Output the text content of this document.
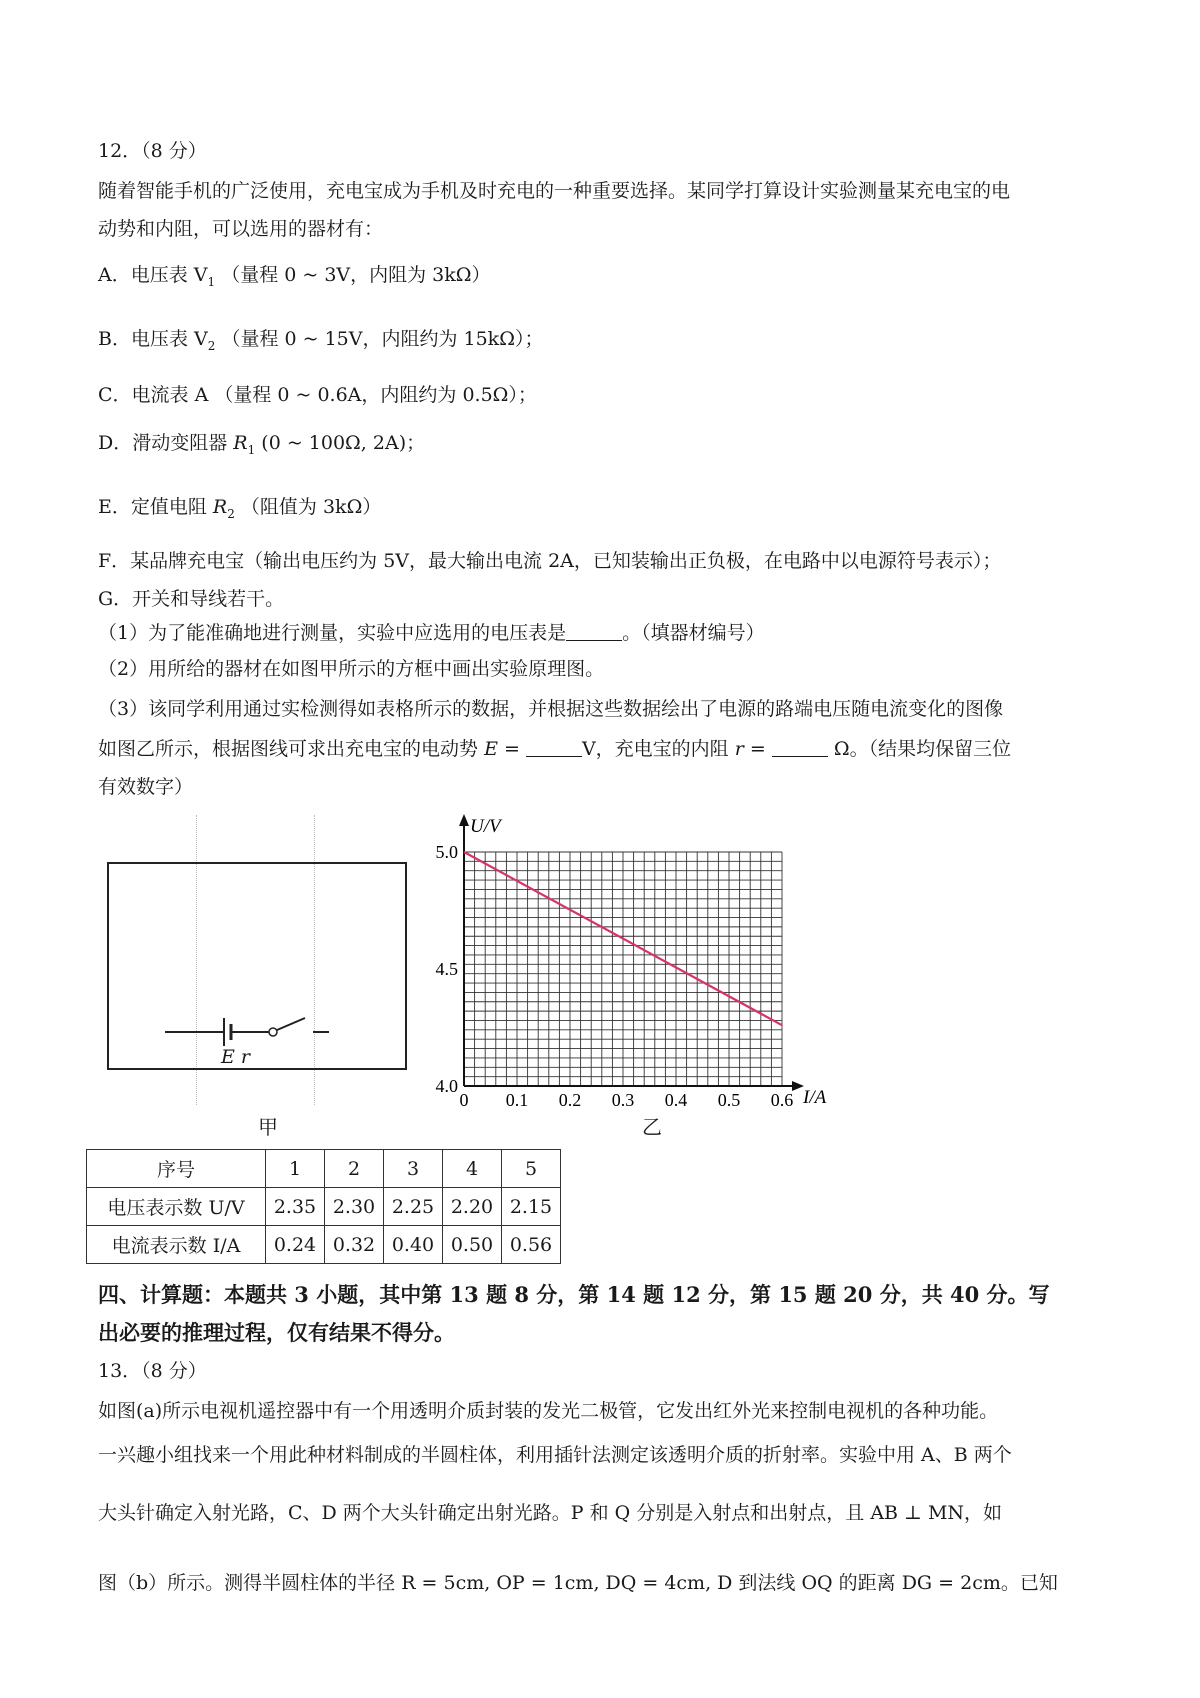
12．（8 分）
随着智能手机的广泛使用，充电宝成为手机及时充电的一种重要选择。某同学打算设计实验测量某充电宝的电
动势和内阻，可以选用的器材有：
A．电压表 $V_1$ （量程 0 ~ 3V，内阻为 3kΩ）
B．电压表 $V_2$ （量程 0 ~ 15V，内阻约为 15kΩ）；
C．电流表 A （量程 0 ~ 0.6A，内阻约为 0.5Ω）；
D．滑动变阻器 $R_1$ (0 ~ 100Ω, 2A)；
E．定值电阻 $R_2$ （阻值为 3kΩ）
F．某品牌充电宝（输出电压约为 5V，最大输出电流 2A，已知装输出正负极，在电路中以电源符号表示）；
G．开关和导线若干。
（1）为了能准确地进行测量，实验中应选用的电压表是	。（填器材编号）
（2）用所给的器材在如图甲所示的方框中画出实验原理图。
（3）该同学利用通过实检测得如表格所示的数据，并根据这些数据绘出了电源的路端电压随电流变化的图像
如图乙所示，根据图线可求出充电宝的电动势 E =	V，充电宝的内阻 r =	Ω。（结果均保留三位
有效数字）
E r
甲
0 0.1 0.2 0.3 0.4 0.5 0.6
4.0
4.5
5.0
U/V
I/A
乙
序号	1	2	3	4	5
电压表示数 U/V	2.35	2.30	2.25	2.20	2.15
电流表示数 I/A	0.24	0.32	0.40	0.50	0.56
四、计算题：本题共 3 小题，其中第 13 题 8 分，第 14 题 12 分，第 15 题 20 分，共 40 分。写
出必要的推理过程，仅有结果不得分。
13．（8 分）
如图(a)所示电视机遥控器中有一个用透明介质封装的发光二极管，它发出红外光来控制电视机的各种功能。
一兴趣小组找来一个用此种材料制成的半圆柱体，利用插针法测定该透明介质的折射率。实验中用 A、B 两个
大头针确定入射光路，C、D 两个大头针确定出射光路。P 和 Q 分别是入射点和出射点，且 AB ⊥ MN，如
图（b）所示。测得半圆柱体的半径 R = 5cm, OP = 1cm, DQ = 4cm, D 到法线 OQ 的距离 DG = 2cm。已知
